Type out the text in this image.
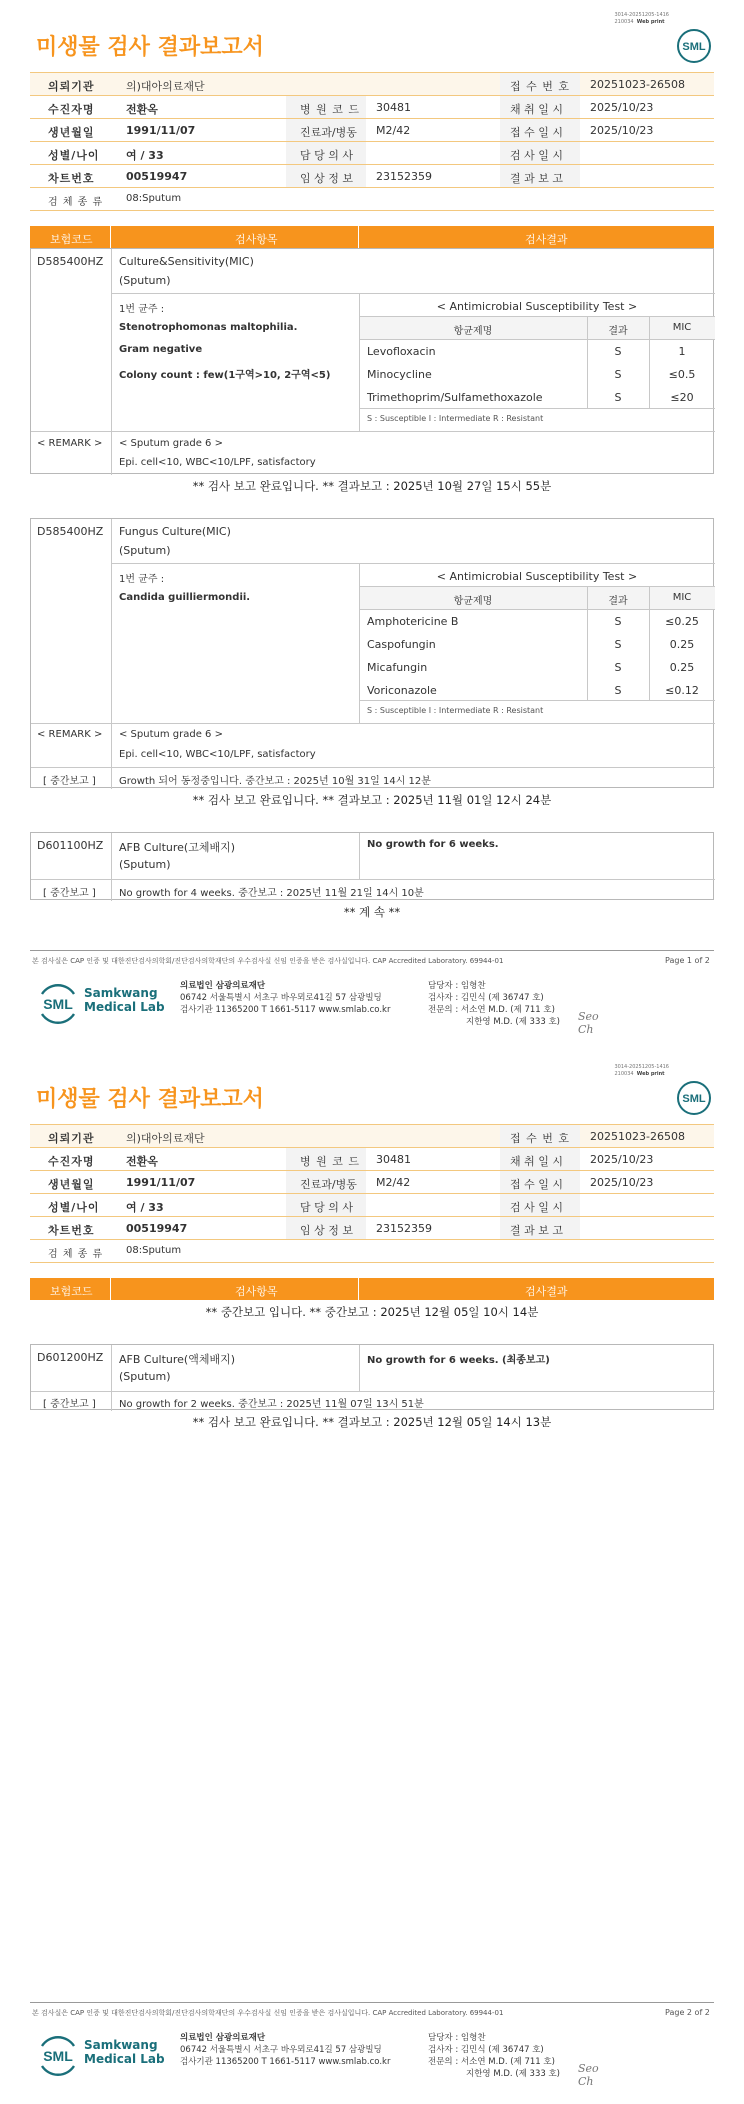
3014-20251205-1416
210034 Web print
미생물 검사 결과보고서	SML
의뢰기관	의)대아의료재단	접 수 번 호 20251023-26508
수진자명	전환옥	병 원 코 드 30481	채 취 일 시 2025/10/23
생년월일	1991/11/07	진료과/병동 M2/42	접 수 일 시 2025/10/23
성별/나이 여 / 33	담 당 의 사	검 사 일 시
차트번호	00519947	임 상 정 보 23152359	결 과 보 고
검 체 종 류 08:Sputum
보험코드	검사항목	검사결과
D585400HZ Culture&Sensitivity(MIC)
(Sputum)
1번 균주 :
Stenotrophomonas maltophilia.
Gram negative
Colony count : few(1구역>10, 2구역<5)
< Antimicrobial Susceptibility Test >
항균제명	결과	MIC
Levofloxacin	S	1
Minocycline	S	≤0.5
Trimethoprim/Sulfamethoxazole	S	≤20
S : Susceptible I : Intermediate R : Resistant
< REMARK > < Sputum grade 6 >
Epi. cell<10, WBC<10/LPF, satisfactory
** 검사 보고 완료입니다. ** 결과보고 : 2025년 10월 27일 15시 55분
D585400HZ Fungus Culture(MIC)
(Sputum)
1번 균주 :
Candida guilliermondii.
< Antimicrobial Susceptibility Test >
항균제명	결과	MIC
Amphotericine B	S	≤0.25
Caspofungin	S	0.25
Micafungin	S	0.25
Voriconazole	S	≤0.12
S : Susceptible I : Intermediate R : Resistant
< REMARK > < Sputum grade 6 >
Epi. cell<10, WBC<10/LPF, satisfactory
[ 중간보고 ] Growth 되어 동정중입니다. 중간보고 : 2025년 10월 31일 14시 12분
** 검사 보고 완료입니다. ** 결과보고 : 2025년 11월 01일 12시 24분
D601100HZ AFB Culture(고체배지)
(Sputum)
No growth for 6 weeks.
[ 중간보고 ] No growth for 4 weeks. 중간보고 : 2025년 11월 21일 14시 10분
** 계 속 **
본 검사실은 CAP 인증 및 대한진단검사의학회/진단검사의학재단의 우수검사실 신임 인증을 받은 검사실입니다. CAP Accredited Laboratory. 69944-01	Page 1 of 2
SML
Samkwang
Medical Lab
의료법인 삼광의료재단
06742 서울특별시 서초구 바우뫼로41길 57 삼광빌딩
검사기관 11365200 T 1661-5117 www.smlab.co.kr
담당자 : 임형찬
검사자 : 김민식 (제 36747 호)
전문의 : 서소연 M.D. (제 711 호)
지한영 M.D. (제 333 호) Seo
Ch
3014-20251205-1416
210034 Web print
미생물 검사 결과보고서	SML
의뢰기관	의)대아의료재단	접 수 번 호 20251023-26508
수진자명	전환옥	병 원 코 드 30481	채 취 일 시 2025/10/23
생년월일	1991/11/07	진료과/병동 M2/42	접 수 일 시 2025/10/23
성별/나이 여 / 33	담 당 의 사	검 사 일 시
차트번호	00519947	임 상 정 보 23152359	결 과 보 고
검 체 종 류 08:Sputum
보험코드	검사항목	검사결과
** 중간보고 입니다. ** 중간보고 : 2025년 12월 05일 10시 14분
D601200HZ AFB Culture(액체배지)
(Sputum)
No growth for 6 weeks. (최종보고)
[ 중간보고 ] No growth for 2 weeks. 중간보고 : 2025년 11월 07일 13시 51분
** 검사 보고 완료입니다. ** 결과보고 : 2025년 12월 05일 14시 13분
본 검사실은 CAP 인증 및 대한진단검사의학회/진단검사의학재단의 우수검사실 신임 인증을 받은 검사실입니다. CAP Accredited Laboratory. 69944-01	Page 2 of 2
SML
Samkwang
Medical Lab
의료법인 삼광의료재단
06742 서울특별시 서초구 바우뫼로41길 57 삼광빌딩
검사기관 11365200 T 1661-5117 www.smlab.co.kr
담당자 : 임형찬
검사자 : 김민식 (제 36747 호)
전문의 : 서소연 M.D. (제 711 호)
지한영 M.D. (제 333 호) Seo
Ch
